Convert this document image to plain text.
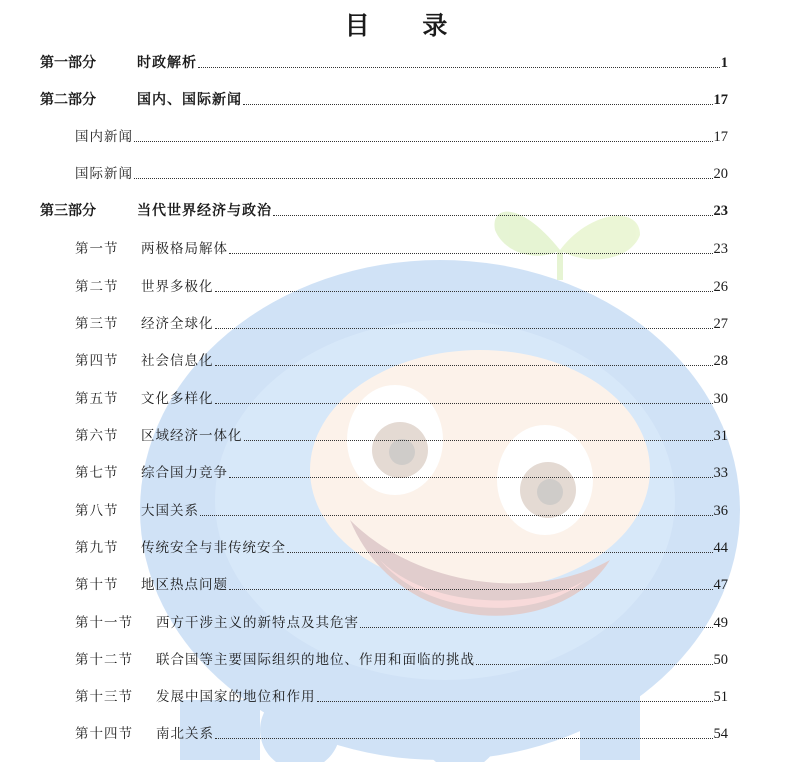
目 录
第一部分	时政解析	1
第二部分	国内、国际新闻	17
国内新闻	17
国际新闻	20
第三部分	当代世界经济与政治	23
第一节	两极格局解体	23
第二节	世界多极化	26
第三节	经济全球化	27
第四节	社会信息化	28
第五节	文化多样化	30
第六节	区域经济一体化	31
第七节	综合国力竞争	33
第八节	大国关系	36
第九节	传统安全与非传统安全	44
第十节	地区热点问题	47
第十一节	西方干涉主义的新特点及其危害	49
第十二节	联合国等主要国际组织的地位、作用和面临的挑战	50
第十三节	发展中国家的地位和作用	51
第十四节	南北关系	54
